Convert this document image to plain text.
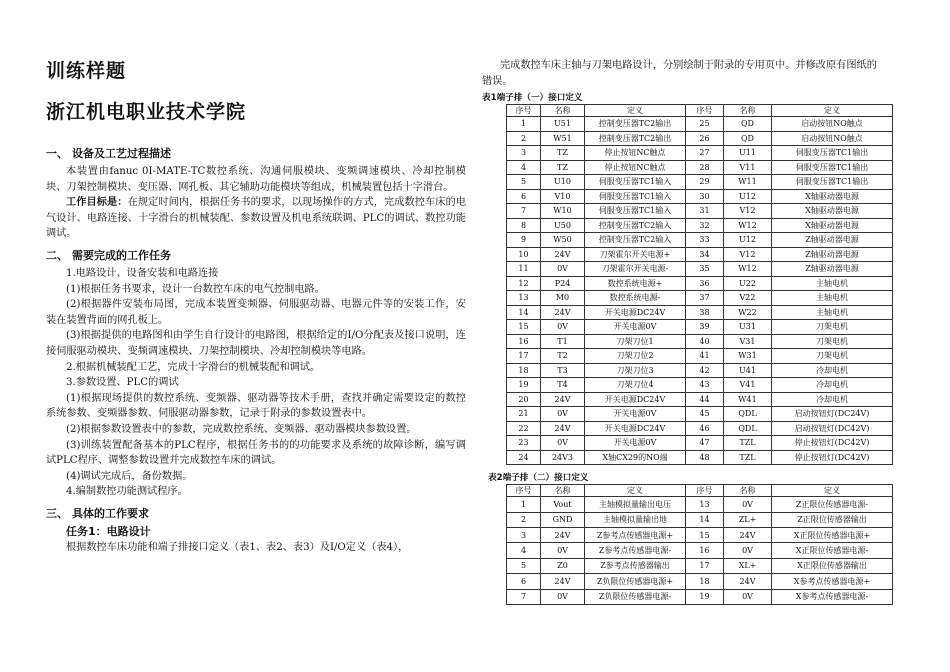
训练样题
浙江机电职业技术学院
一、 设备及工艺过程描述
本装置由fanuc 0I-MATE-TC数控系统、沟通伺服模块、变频调速模块、冷却控制模块、刀架控制模块、变压器、网孔板、其它辅助功能模块等组成，机械装置包括十字滑台。
工作目标是：在规定时间内，根据任务书的要求，以现场操作的方式，完成数控车床的电气设计、电路连接、十字滑台的机械装配、参数设置及机电系统联调、PLC的调试、数控功能调试。
二、 需要完成的工作任务
1.电路设计、设备安装和电路连接
(1)根据任务书要求，设计一台数控车床的电气控制电路。
(2)根据器件安装布局图，完成本装置变频器、伺服驱动器、电器元件等的安装工作，安装在装置背面的网孔板上。
(3)根据提供的电路图和由学生自行设计的电路图，根据给定的I/O分配表及接口说明，连接伺服驱动模块、变频调速模块、刀架控制模块、冷却控制模块等电路。
2.根据机械装配工艺，完成十字滑台的机械装配和调试。
3.参数设置、PLC的调试
(1)根据现场提供的数控系统、变频器、驱动器等技术手册，查找并确定需要设定的数控系统参数、变频器参数、伺服驱动器参数，记录于附录的参数设置表中。
(2)根据参数设置表中的参数，完成数控系统、变频器、驱动器模块参数设置。
(3)训练装置配备基本的PLC程序，根据任务书的的功能要求及系统的故障诊断，编写调试PLC程序、调整参数设置并完成数控车床的调试。
(4)调试完成后，备份数据。
4.编制数控功能测试程序。
三、 具体的工作要求
任务1：电路设计
根据数控车床功能和端子排接口定义（表1、表2、表3）及I/O定义（表4），
完成数控车床主轴与刀架电路设计，分别绘制于附录的专用页中。并修改原有图纸的
错误。
表1端子排（一）接口定义
序号	名称	定义	序号	名称	定义
1	U51	控制变压器TC2输出	25	QD	启动按钮NO触点
2	W51	控制变压器TC2输出	26	QD	启动按钮NO触点
3	TZ	停止按钮NC触点	27	U11	伺服变压器TC1输出
4	TZ	停止按钮NC触点	28	V11	伺服变压器TC1输出
5	U10	伺服变压器TC1输入	29	W11	伺服变压器TC1输出
6	V10	伺服变压器TC1输入	30	U12	X轴驱动器电源
7	W10	伺服变压器TC1输入	31	V12	X轴驱动器电源
8	U50	控制变压器TC2输入	32	W12	X轴驱动器电源
9	W50	控制变压器TC2输入	33	U12	Z轴驱动器电源
10	24V	刀架霍尔开关电源+	34	V12	Z轴驱动器电源
11	0V	刀架霍尔开关电源-	35	W12	Z轴驱动器电源
12	P24	数控系统电源+	36	U22	主轴电机
13	M0	数控系统电源-	37	V22	主轴电机
14	24V	开关电源DC24V	38	W22	主轴电机
15	0V	开关电源0V	39	U31	刀架电机
16	T1	刀架刀位1	40	V31	刀架电机
17	T2	刀架刀位2	41	W31	刀架电机
18	T3	刀架刀位3	42	U41	冷却电机
19	T4	刀架刀位4	43	V41	冷却电机
20	24V	开关电源DC24V	44	W41	冷却电机
21	0V	开关电源0V	45	QDL	启动按钮灯(DC24V)
22	24V	开关电源DC24V	46	QDL	启动按钮灯(DC42V)
23	0V	开关电源0V	47	TZL	停止按钮灯(DC42V)
24	24V3	X轴CX29的NO端	48	TZL	停止按钮灯(DC42V)
表2端子排（二）接口定义
序号	名称	定义	序号	名称	定义
1	Vout	主轴模拟量输出电压	13	0V	Z正限位传感器电源-
2	GND	主轴模拟量输出地	14	ZL+	Z正限位传感器输出
3	24V	Z参考点传感器电源+	15	24V	X正限位传感器电源+
4	0V	Z参考点传感器电源-	16	0V	X正限位传感器电源-
5	Z0	Z参考点传感器输出	17	XL+	X正限位传感器输出
6	24V	Z负限位传感器电源+	18	24V	X参考点传感器电源+
7	0V	Z负限位传感器电源-	19	0V	X参考点传感器电源-
